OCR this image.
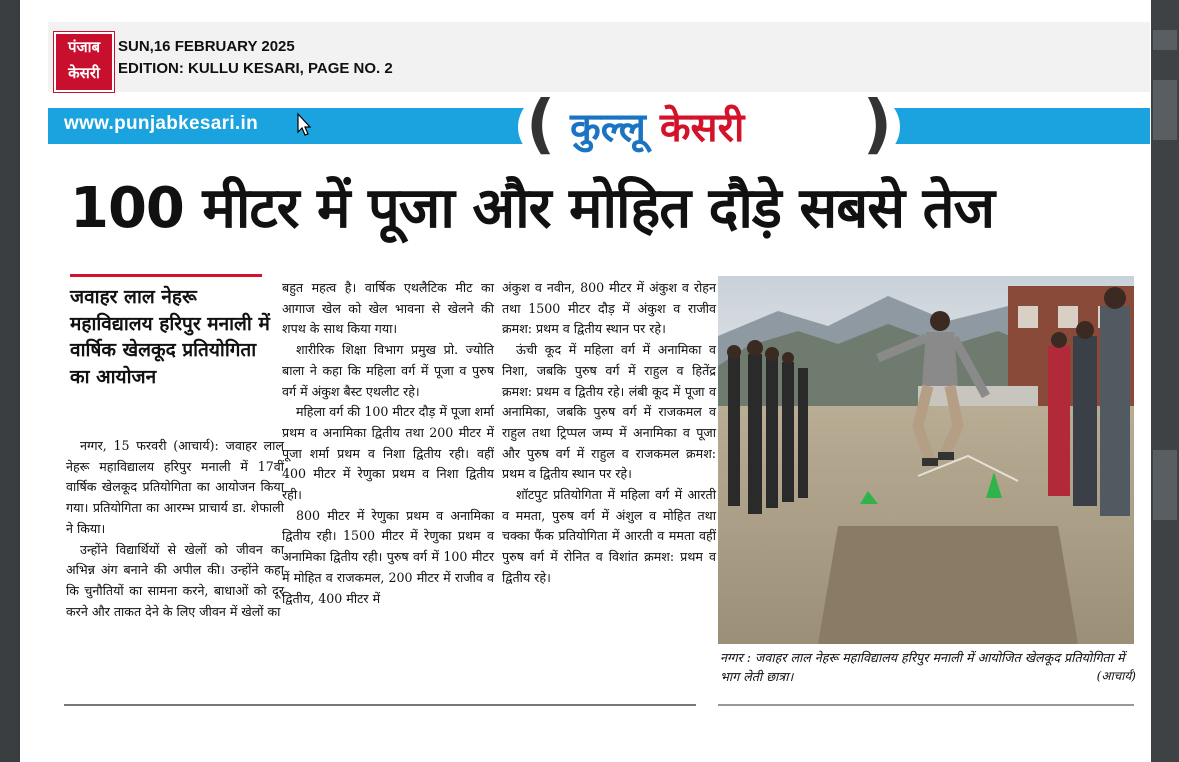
पंजाब
केसरी
SUN,16 FEBRUARY 2025
EDITION: KULLU KESARI, PAGE NO. 2
www.punjabkesari.in	( कुल्लू केसरी )
100 मीटर में पूजा और मोहित दौड़े सबसे तेज
जवाहर लाल नेहरू महाविद्यालय हरिपुर मनाली में वार्षिक खेलकूद प्रतियोगिता का आयोजन

नग्गर, 15 फरवरी (आचार्य): जवाहर लाल नेहरू महाविद्यालय हरिपुर मनाली में 17वीं वार्षिक खेलकूद प्रतियोगिता का आयोजन किया गया। प्रतियोगिता का आरम्भ प्राचार्य डा. शेफाली ने किया।

उन्होंने विद्यार्थियों से खेलों को जीवन का अभिन्न अंग बनाने की अपील की। उन्होंने कहा कि चुनौतियों का सामना करने, बाधाओं को दूर करने और ताकत देने के लिए जीवन में खेलों का

बहुत महत्व है। वार्षिक एथलैटिक मीट का आगाज खेल को खेल भावना से खेलने की शपथ के साथ किया गया।

शारीरिक शिक्षा विभाग प्रमुख प्रो. ज्योति बाला ने कहा कि महिला वर्ग में पूजा व पुरुष वर्ग में अंकुश बैस्ट एथलीट रहे।

महिला वर्ग की 100 मीटर दौड़ में पूजा शर्मा प्रथम व अनामिका द्वितीय तथा 200 मीटर में पूजा शर्मा प्रथम व निशा द्वितीय रही। वहीं 400 मीटर में रेणुका प्रथम व निशा द्वितीय रही।

800 मीटर में रेणुका प्रथम व अनामिका द्वितीय रही। 1500 मीटर में रेणुका प्रथम व अनामिका द्वितीय रही। पुरुष वर्ग में 100 मीटर में मोहित व राजकमल, 200 मीटर में राजीव व द्वितीय, 400 मीटर में

अंकुश व नवीन, 800 मीटर में अंकुश व रोहन तथा 1500 मीटर दौड़ में अंकुश व राजीव क्रमश: प्रथम व द्वितीय स्थान पर रहे।

ऊंची कूद में महिला वर्ग में अनामिका व निशा, जबकि पुरुष वर्ग में राहुल व हितेंद्र क्रमश: प्रथम व द्वितीय रहे। लंबी कूद में पूजा व अनामिका, जबकि पुरुष वर्ग में राजकमल व राहुल तथा ट्रिप्पल जम्प में अनामिका व पूजा और पुरुष वर्ग में राहुल व राजकमल क्रमश: प्रथम व द्वितीय स्थान पर रहे।

शॉटपुट प्रतियोगिता में महिला वर्ग में आरती व ममता, पुरुष वर्ग में अंशुल व मोहित तथा चक्का फैंक प्रतियोगिता में आरती व ममता वहीं पुरुष वर्ग में रोनित व विशांत क्रमश: प्रथम व द्वितीय रहे।

नग्गर : जवाहर लाल नेहरू महाविद्यालय हरिपुर मनाली में आयोजित खेलकूद प्रतियोगिता में भाग लेती छात्रा।	(आचार्य)
